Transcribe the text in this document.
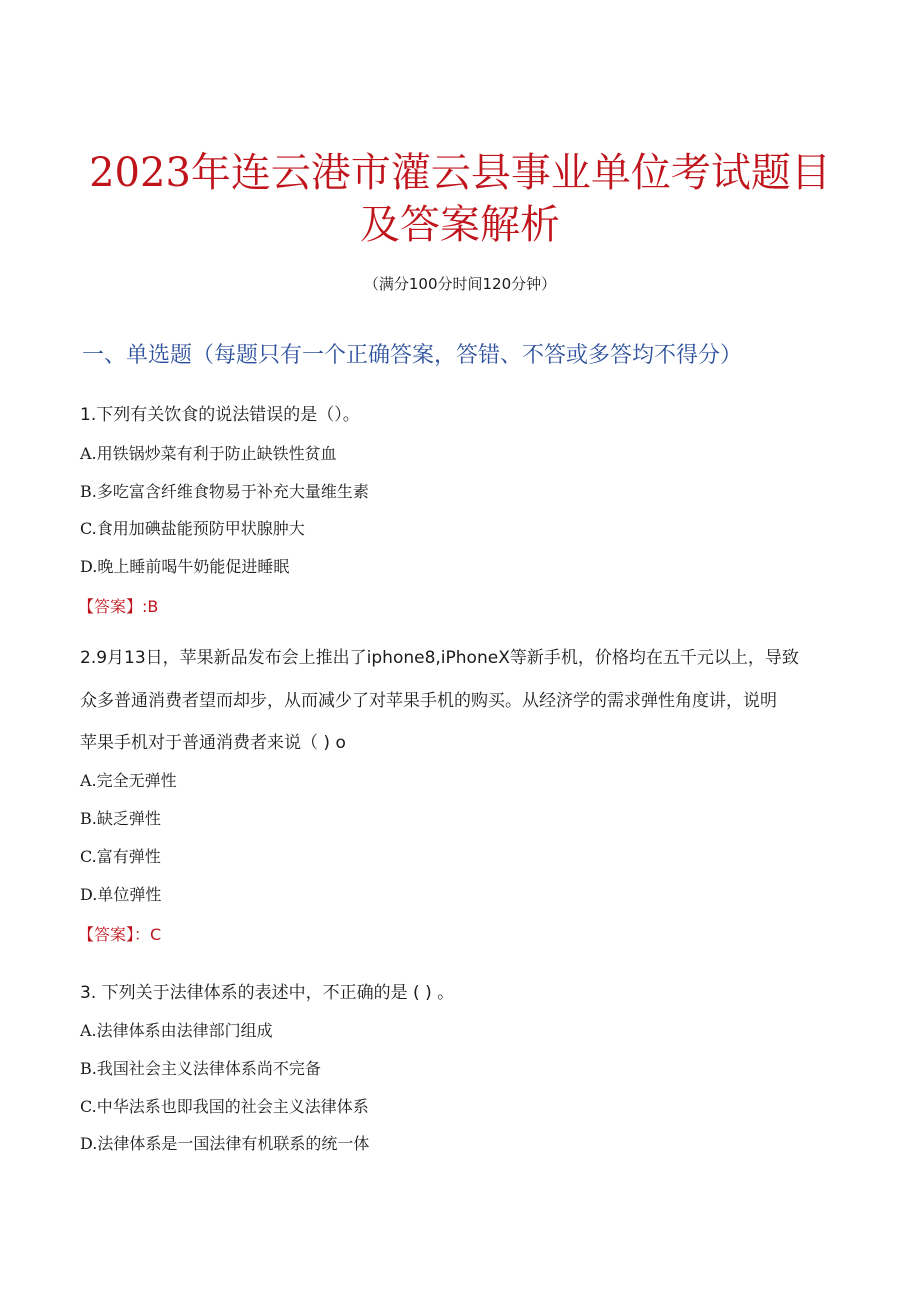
2023年连云港市灌云县事业单位考试题目
及答案解析
（满分100分时间120分钟）
一、单选题（每题只有一个正确答案，答错、不答或多答均不得分）
1.下列有关饮食的说法错误的是（）。
A.用铁锅炒菜有利于防止缺铁性贫血
B.多吃富含纤维食物易于补充大量维生素
C.食用加碘盐能预防甲状腺肿大
D.晚上睡前喝牛奶能促进睡眠
【答案】:B
2.9月13日，苹果新品发布会上推出了iphone8,iPhoneX等新手机，价格均在五千元以上，导致
众多普通消费者望而却步，从而减少了对苹果手机的购买。从经济学的需求弹性角度讲，说明
苹果手机对于普通消费者来说（ ) o
A.完全无弹性
B.缺乏弹性
C.富有弹性
D.单位弹性
【答案】：C
3. 下列关于法律体系的表述中，不正确的是 ( ) 。
A.法律体系由法律部门组成
B.我国社会主义法律体系尚不完备
C.中华法系也即我国的社会主义法律体系
D.法律体系是一国法律有机联系的统一体
